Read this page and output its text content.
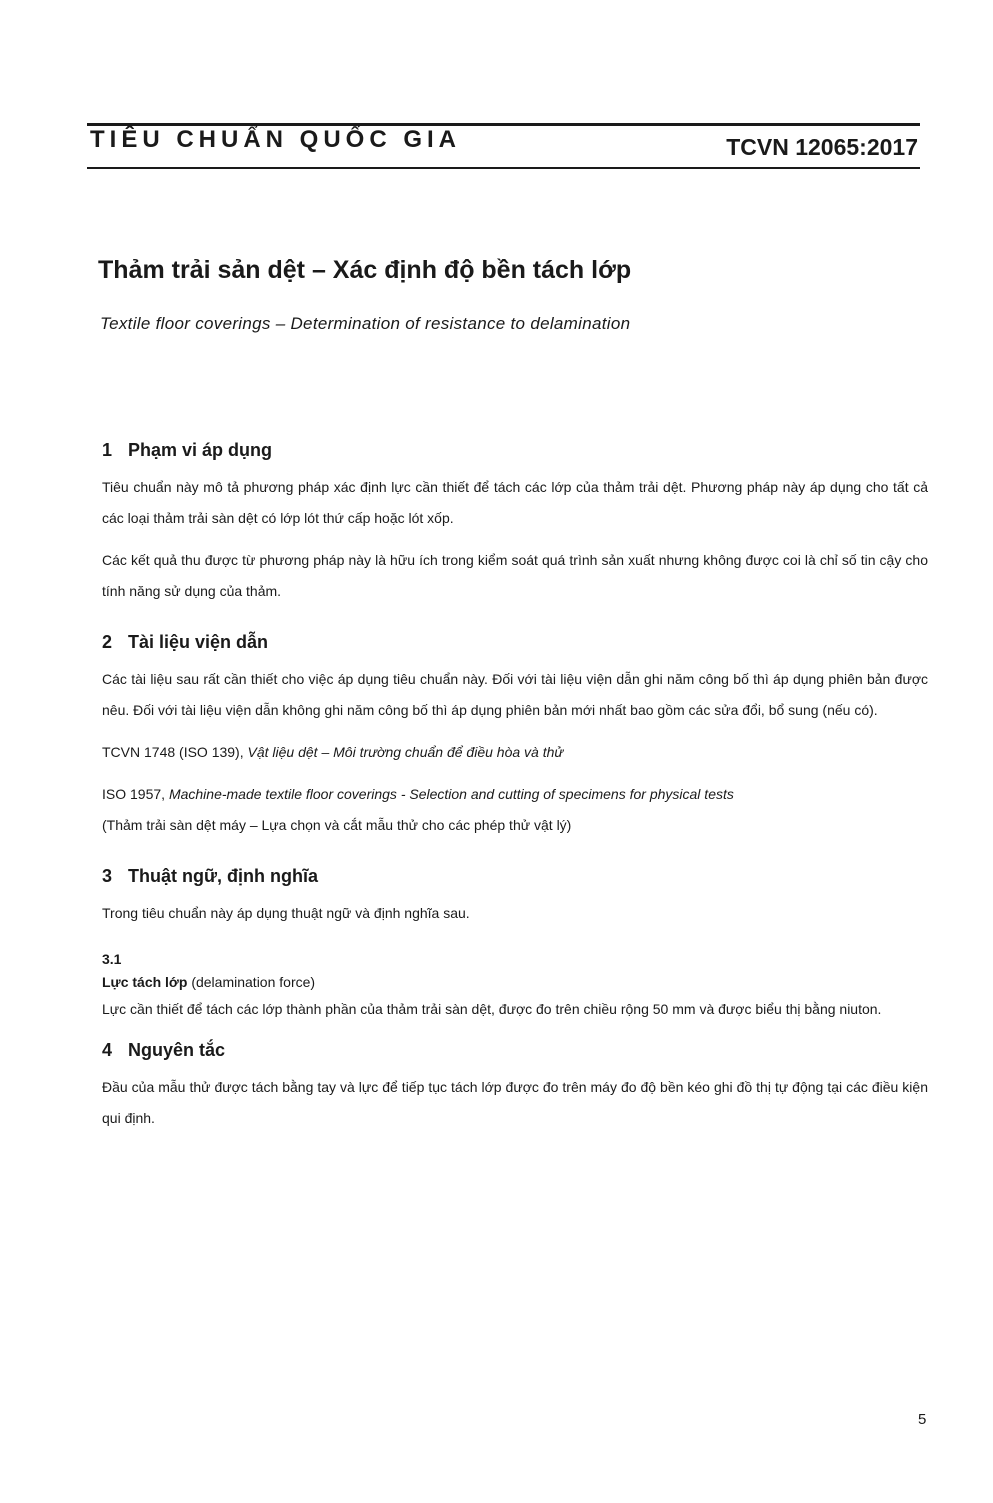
TIÊU CHUẨN QUỐC GIA	TCVN 12065:2017
Thảm trải sản dệt – Xác định độ bền tách lớp
Textile floor coverings – Determination of resistance to delamination
1 Phạm vi áp dụng

Tiêu chuẩn này mô tả phương pháp xác định lực cần thiết để tách các lớp của thảm trải dệt. Phương pháp này áp dụng cho tất cả các loại thảm trải sàn dệt có lớp lót thứ cấp hoặc lót xốp.

Các kết quả thu được từ phương pháp này là hữu ích trong kiểm soát quá trình sản xuất nhưng không được coi là chỉ số tin cậy cho tính năng sử dụng của thảm.

2 Tài liệu viện dẫn

Các tài liệu sau rất cần thiết cho việc áp dụng tiêu chuẩn này. Đối với tài liệu viện dẫn ghi năm công bố thì áp dụng phiên bản được nêu. Đối với tài liệu viện dẫn không ghi năm công bố thì áp dụng phiên bản mới nhất bao gồm các sửa đổi, bổ sung (nếu có).

TCVN 1748 (ISO 139), Vật liệu dệt – Môi trường chuẩn để điều hòa và thử

ISO 1957, Machine-made textile floor coverings - Selection and cutting of specimens for physical tests
(Thảm trải sàn dệt máy – Lựa chọn và cắt mẫu thử cho các phép thử vật lý)

3 Thuật ngữ, định nghĩa

Trong tiêu chuẩn này áp dụng thuật ngữ và định nghĩa sau.

3.1

Lực tách lớp (delamination force)

Lực cần thiết để tách các lớp thành phần của thảm trải sàn dệt, được đo trên chiều rộng 50 mm và được biểu thị bằng niuton.

4 Nguyên tắc

Đầu của mẫu thử được tách bằng tay và lực để tiếp tục tách lớp được đo trên máy đo độ bền kéo ghi đồ thị tự động tại các điều kiện qui định.

5
